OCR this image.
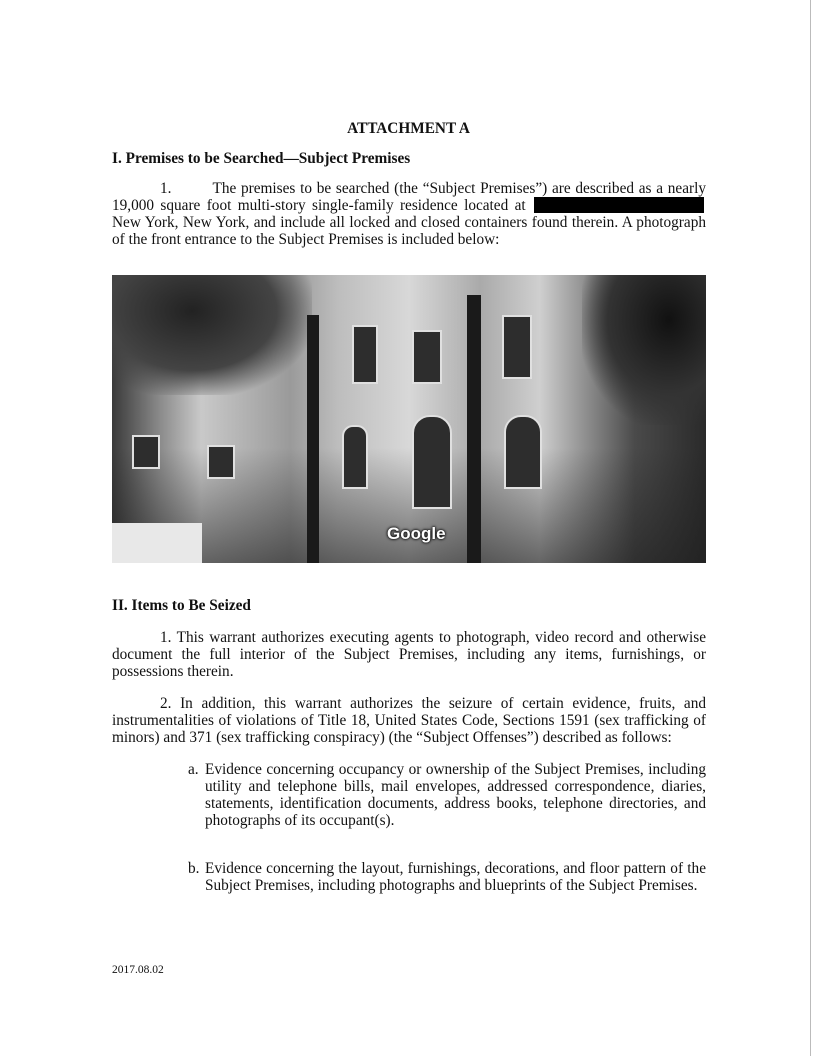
ATTACHMENT A
I. Premises to be Searched—Subject Premises
1.	The premises to be searched (the “Subject Premises”) are described as a nearly 19,000 square foot multi-story single-family residence located at  New York, New York, and include all locked and closed containers found therein. A photograph of the front entrance to the Subject Premises is included below:
Google
II. Items to Be Seized
1. This warrant authorizes executing agents to photograph, video record and otherwise document the full interior of the Subject Premises, including any items, furnishings, or possessions therein.
2. In addition, this warrant authorizes the seizure of certain evidence, fruits, and instrumentalities of violations of Title 18, United States Code, Sections 1591 (sex trafficking of minors) and 371 (sex trafficking conspiracy) (the “Subject Offenses”) described as follows:
a. Evidence concerning occupancy or ownership of the Subject Premises, including utility and telephone bills, mail envelopes, addressed correspondence, diaries, statements, identification documents, address books, telephone directories, and photographs of its occupant(s).
b. Evidence concerning the layout, furnishings, decorations, and floor pattern of the Subject Premises, including photographs and blueprints of the Subject Premises.
2017.08.02
